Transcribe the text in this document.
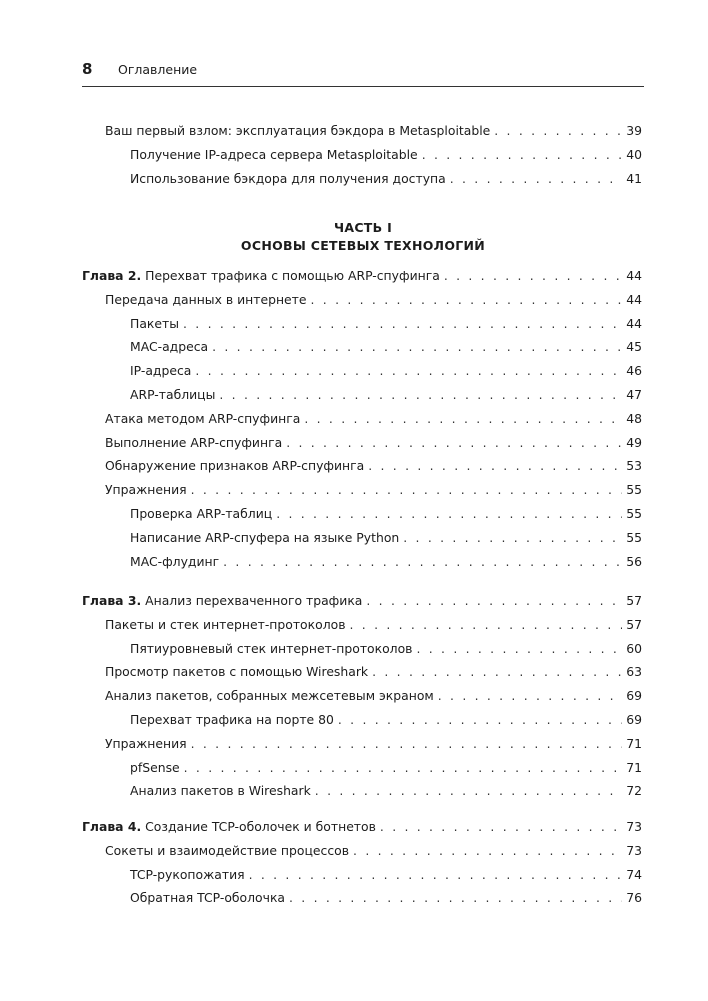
8	Оглавление
ЧАСТЬ I
ОСНОВЫ СЕТЕВЫХ ТЕХНОЛОГИЙ
Ваш первый взлом: эксплуатация бэкдора в Metasploitable . . .	39
Получение IP-адреса сервера Metasploitable . . .	40
Использование бэкдора для получения доступа . . .	41
Глава 2. Перехват трафика с помощью ARP-спуфинга . . .	44
Передача данных в интернете . . .	44
Пакеты . . .	44
MAC-адреса . . .	45
IP-адреса . . .	46
ARP-таблицы . . .	47
Атака методом ARP-спуфинга . . .	48
Выполнение ARP-спуфинга . . .	49
Обнаружение признаков ARP-спуфинга . . .	53
Упражнения . . .	55
Проверка ARP-таблиц . . .	55
Написание ARP-спуфера на языке Python . . .	55
MAC-флудинг . . .	56
Глава 3. Анализ перехваченного трафика . . .	57
Пакеты и стек интернет-протоколов . . .	57
Пятиуровневый стек интернет-протоколов . . .	60
Просмотр пакетов с помощью Wireshark . . .	63
Анализ пакетов, собранных межсетевым экраном . . .	69
Перехват трафика на порте 80 . . .	69
Упражнения . . .	71
pfSense . . .	71
Анализ пакетов в Wireshark . . .	72
Глава 4. Создание TCP-оболочек и ботнетов . . .	73
Сокеты и взаимодействие процессов . . .	73
TCP-рукопожатия . . .	74
Обратная TCP-оболочка . . .	76
